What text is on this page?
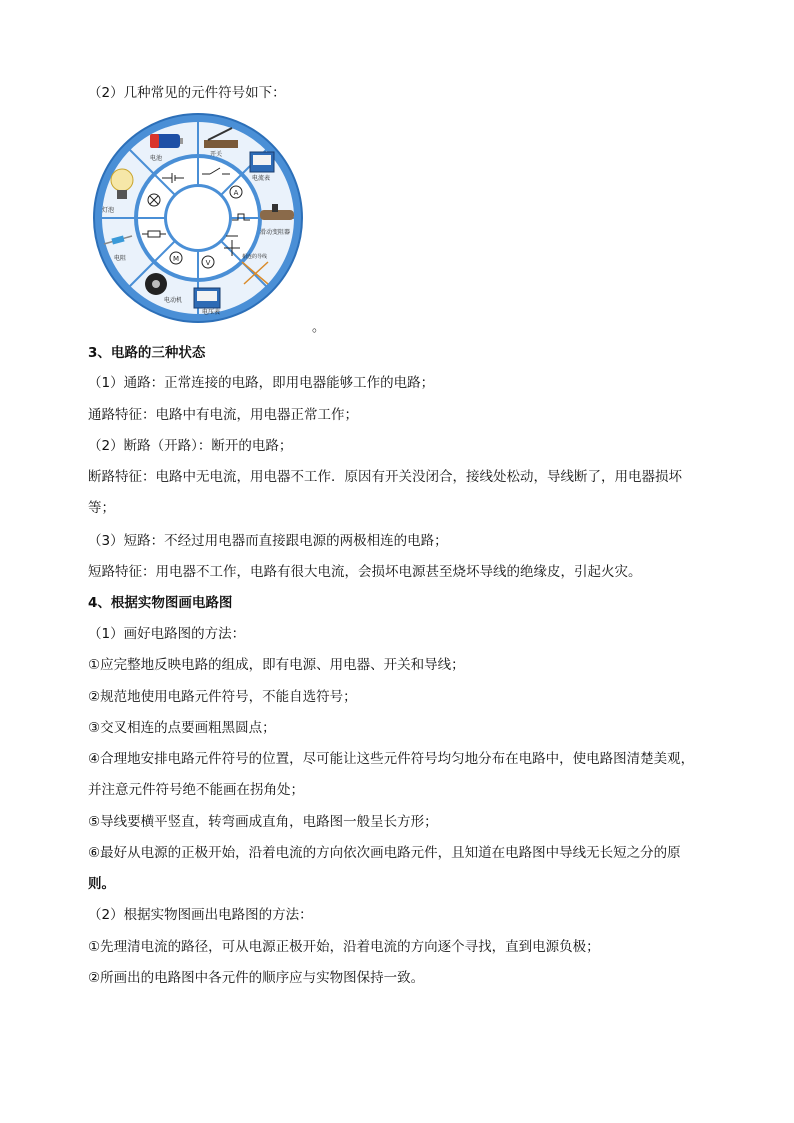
（2）几种常见的元件符号如下：
电池
开关
电流表
滑动变阻器
相连的导线
电压表
电动机
电阻
灯泡
A
V
M
。
3、电路的三种状态
（1）通路：正常连接的电路，即用电器能够工作的电路；
通路特征：电路中有电流，用电器正常工作；
（2）断路（开路）：断开的电路；
断路特征：电路中无电流，用电器不工作．原因有开关没闭合，接线处松动，导线断了，用电器损坏
等；
（3）短路：不经过用电器而直接跟电源的两极相连的电路；
短路特征：用电器不工作，电路有很大电流，会损坏电源甚至烧坏导线的绝缘皮，引起火灾。
4、根据实物图画电路图
（1）画好电路图的方法：
①应完整地反映电路的组成，即有电源、用电器、开关和导线；
②规范地使用电路元件符号，不能自选符号；
③交叉相连的点要画粗黑圆点；
④合理地安排电路元件符号的位置，尽可能让这些元件符号均匀地分布在电路中，使电路图清楚美观，
并注意元件符号绝不能画在拐角处；
⑤导线要横平竖直，转弯画成直角，电路图一般呈长方形；
⑥最好从电源的正极开始，沿着电流的方向依次画电路元件，且知道在电路图中导线无长短之分的原
则。
（2）根据实物图画出电路图的方法：
①先理清电流的路径，可从电源正极开始，沿着电流的方向逐个寻找，直到电源负极；
②所画出的电路图中各元件的顺序应与实物图保持一致。
